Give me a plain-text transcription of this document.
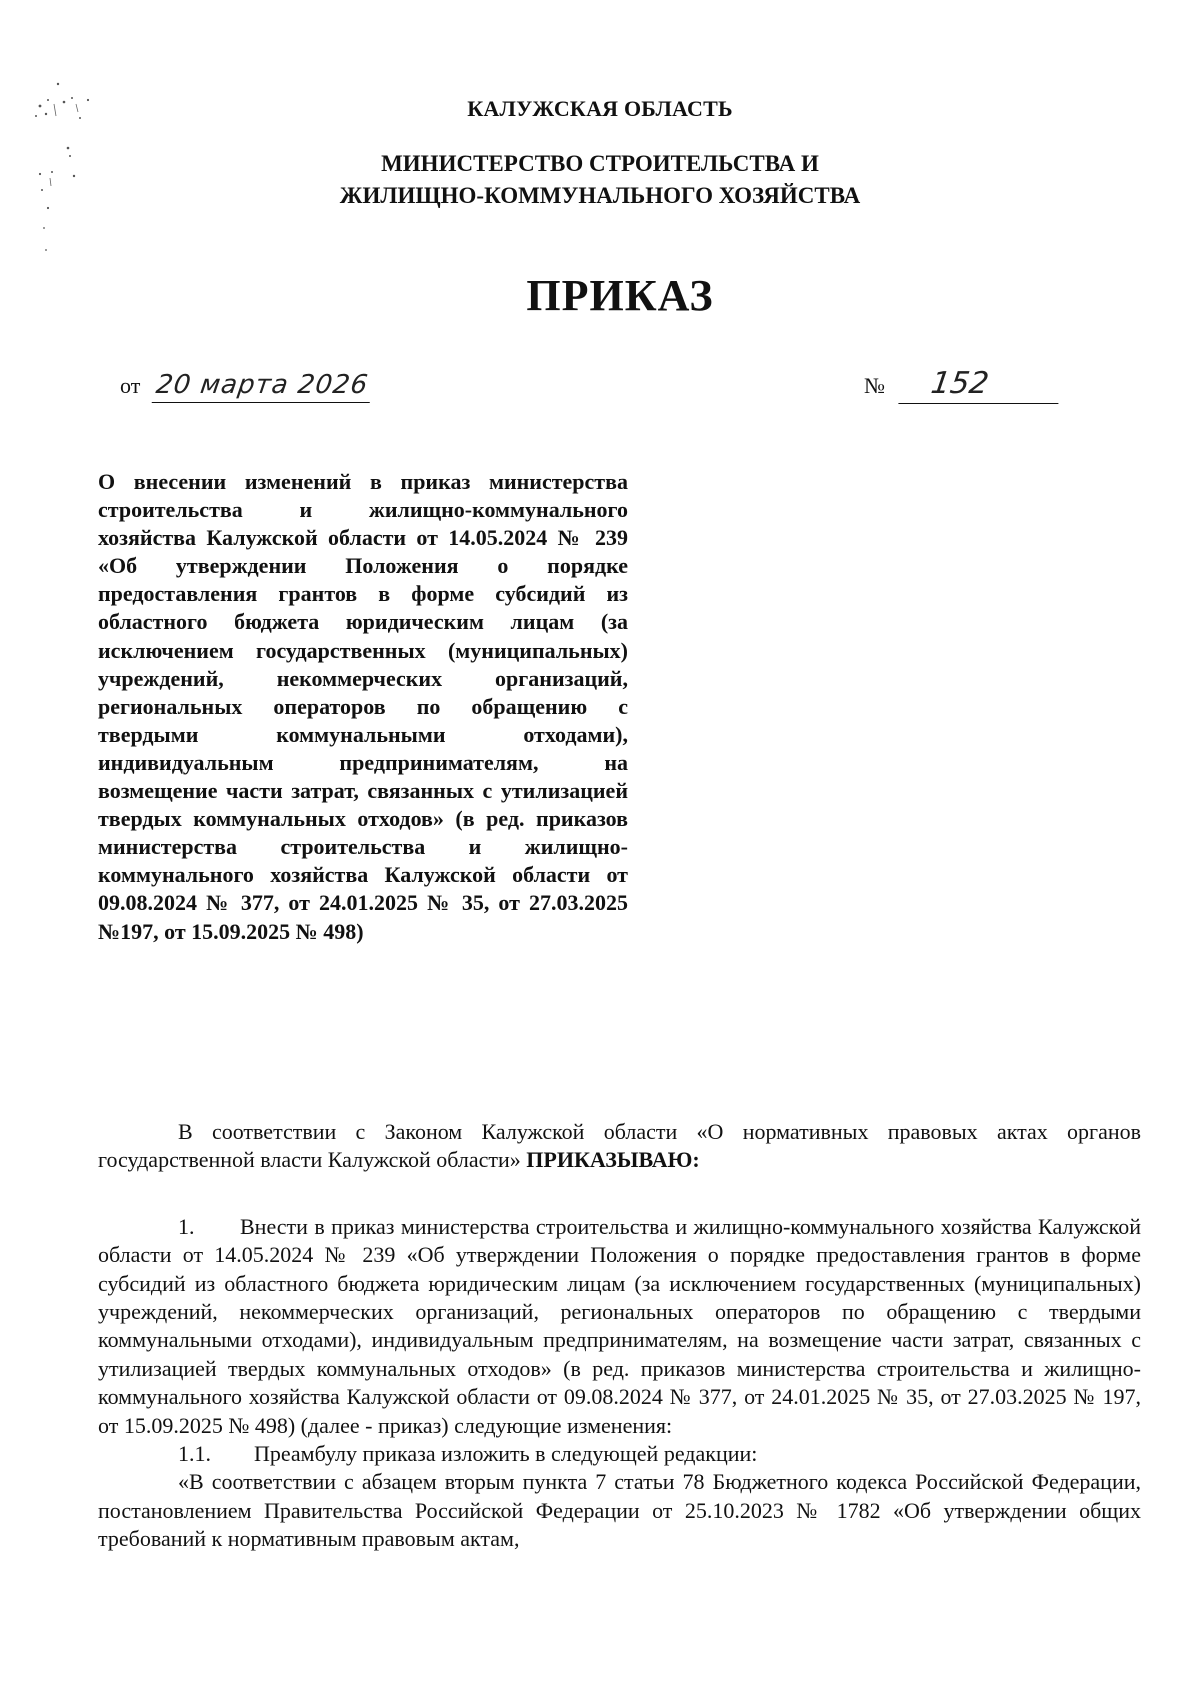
КАЛУЖСКАЯ ОБЛАСТЬ
МИНИСТЕРСТВО СТРОИТЕЛЬСТВА И
ЖИЛИЩНО-КОММУНАЛЬНОГО ХОЗЯЙСТВА
ПРИКАЗ
от 20 марта 2026	№ 152
О внесении изменений в приказ министерства строительства и жилищно-коммунального хозяйства Калужской области от 14.05.2024 № 239 «Об утверждении Положения о порядке предоставления грантов в форме субсидий из областного бюджета юридическим лицам (за исключением государственных (муниципальных) учреждений, некоммерческих организаций, региональных операторов по обращению с твердыми коммунальными отходами), индивидуальным предпринимателям, на возмещение части затрат, связанных с утилизацией твердых коммунальных отходов» (в ред. приказов министерства строительства и жилищно-коммунального хозяйства Калужской области от 09.08.2024 № 377, от 24.01.2025 № 35, от 27.03.2025 №197, от 15.09.2025 № 498)

В соответствии с Законом Калужской области «О нормативных правовых актах органов государственной власти Калужской области» ПРИКАЗЫВАЮ:

1. Внести в приказ министерства строительства и жилищно-коммунального хозяйства Калужской области от 14.05.2024 № 239 «Об утверждении Положения о порядке предоставления грантов в форме субсидий из областного бюджета юридическим лицам (за исключением государственных (муниципальных) учреждений, некоммерческих организаций, региональных операторов по обращению с твердыми коммунальными отходами), индивидуальным предпринимателям, на возмещение части затрат, связанных с утилизацией твердых коммунальных отходов» (в ред. приказов министерства строительства и жилищно-коммунального хозяйства Калужской области от 09.08.2024 № 377, от 24.01.2025 № 35, от 27.03.2025 № 197, от 15.09.2025 № 498) (далее - приказ) следующие изменения:

1.1. Преамбулу приказа изложить в следующей редакции:

«В соответствии с абзацем вторым пункта 7 статьи 78 Бюджетного кодекса Российской Федерации, постановлением Правительства Российской Федерации от 25.10.2023 № 1782 «Об утверждении общих требований к нормативным правовым актам,
